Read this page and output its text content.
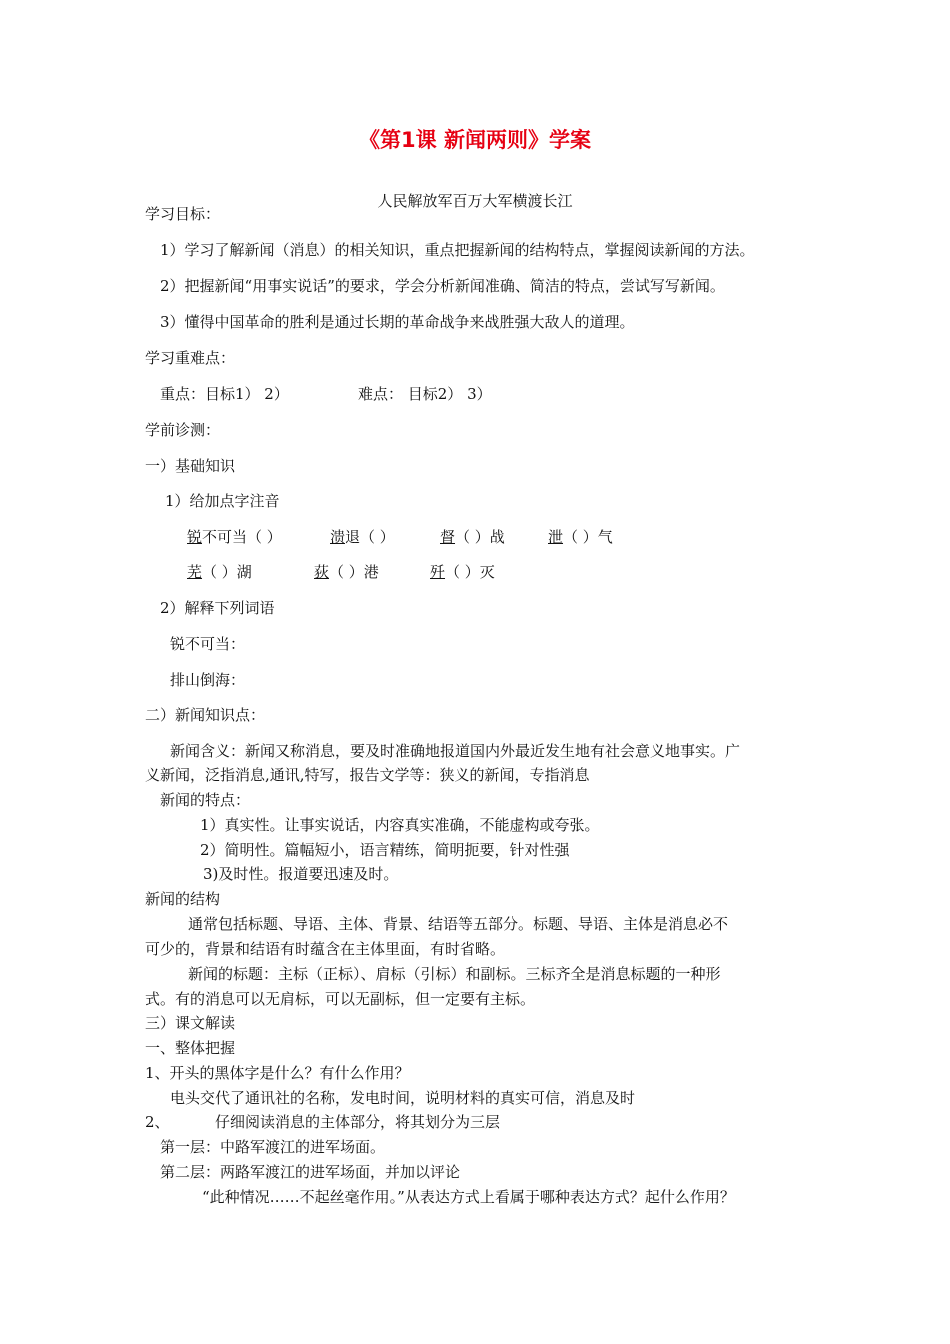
《第1课 新闻两则》学案
人民解放军百万大军横渡长江
学习目标：
1）学习了解新闻（消息）的相关知识，重点把握新闻的结构特点，掌握阅读新闻的方法。
2）把握新闻“用事实说话”的要求，学会分析新闻准确、简洁的特点，尝试写写新闻。
3）懂得中国革命的胜利是通过长期的革命战争来战胜强大敌人的道理。
学习重难点：
重点：目标1） 2）	难点： 目标2） 3）
学前诊测：
一）基础知识
1）给加点字注音
锐不可当（ ）	溃退（ ）	督（ ）战	泄（ ）气
芜（ ）湖	荻（ ）港	歼（ ）灭
2）解释下列词语
锐不可当：
排山倒海：
二）新闻知识点：
新闻含义：新闻又称消息，要及时准确地报道国内外最近发生地有社会意义地事实。广
义新闻，泛指消息,通讯,特写，报告文学等：狭义的新闻，专指消息
新闻的特点：
1）真实性。让事实说话，内容真实准确，不能虚构或夸张。
2）简明性。篇幅短小，语言精练，简明扼要，针对性强
3)及时性。报道要迅速及时。
新闻的结构
通常包括标题、导语、主体、背景、结语等五部分。标题、导语、主体是消息必不
可少的，背景和结语有时蕴含在主体里面，有时省略。
新闻的标题：主标（正标）、肩标（引标）和副标。三标齐全是消息标题的一种形
式。有的消息可以无肩标，可以无副标，但一定要有主标。
三）课文解读
一、整体把握
1、开头的黑体字是什么？有什么作用？
电头交代了通讯社的名称，发电时间，说明材料的真实可信，消息及时
2、	仔细阅读消息的主体部分，将其划分为三层
第一层：中路军渡江的进军场面。
第二层：两路军渡江的进军场面，并加以评论
“此种情况……不起丝毫作用。”从表达方式上看属于哪种表达方式？起什么作用？
